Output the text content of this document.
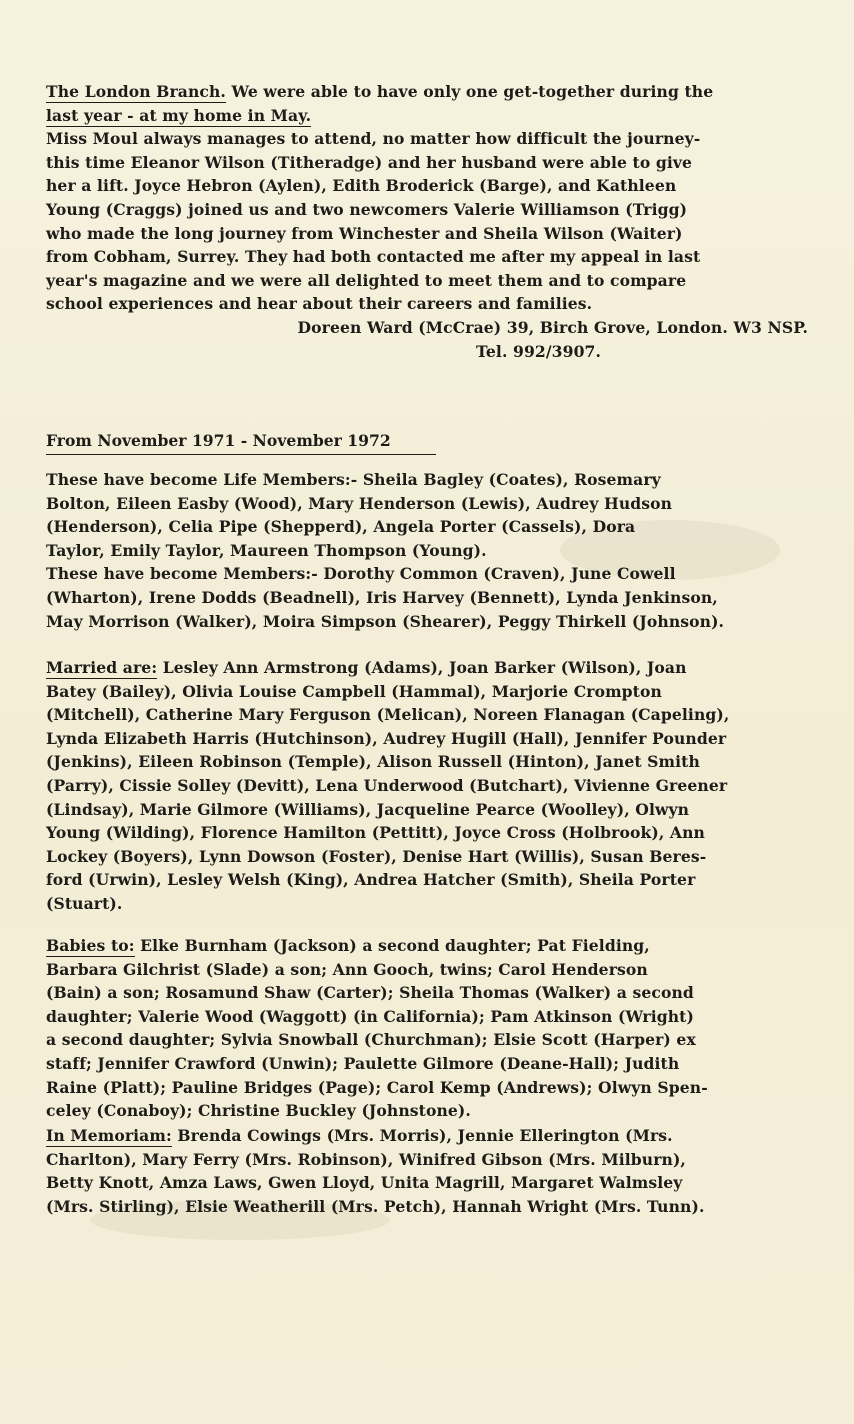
The London Branch. We were able to have only one get-together during the

last year - at my home in May.

Miss Moul always manages to attend, no matter how difficult the journey-

this time Eleanor Wilson (Titheradge) and her husband were able to give

her a lift. Joyce Hebron (Aylen), Edith Broderick (Barge), and Kathleen

Young (Craggs) joined us and two newcomers Valerie Williamson (Trigg)

who made the long journey from Winchester and Sheila Wilson (Waiter)

from Cobham, Surrey. They had both contacted me after my appeal in last

year's magazine and we were all delighted to meet them and to compare

school experiences and hear about their careers and families.

Doreen Ward (McCrae) 39, Birch Grove, London. W3 NSP.

Tel. 992/3907.

From November 1971 - November 1972

These have become Life Members:- Sheila Bagley (Coates), Rosemary

Bolton, Eileen Easby (Wood), Mary Henderson (Lewis), Audrey Hudson

(Henderson), Celia Pipe (Shepperd), Angela Porter (Cassels), Dora

Taylor, Emily Taylor, Maureen Thompson (Young).

These have become Members:- Dorothy Common (Craven), June Cowell

(Wharton), Irene Dodds (Beadnell), Iris Harvey (Bennett), Lynda Jenkinson,

May Morrison (Walker), Moira Simpson (Shearer), Peggy Thirkell (Johnson).

Married are: Lesley Ann Armstrong (Adams), Joan Barker (Wilson), Joan

Batey (Bailey), Olivia Louise Campbell (Hammal), Marjorie Crompton

(Mitchell), Catherine Mary Ferguson (Melican), Noreen Flanagan (Capeling),

Lynda Elizabeth Harris (Hutchinson), Audrey Hugill (Hall), Jennifer Pounder

(Jenkins), Eileen Robinson (Temple), Alison Russell (Hinton), Janet Smith

(Parry), Cissie Solley (Devitt), Lena Underwood (Butchart), Vivienne Greener

(Lindsay), Marie Gilmore (Williams), Jacqueline Pearce (Woolley), Olwyn

Young (Wilding), Florence Hamilton (Pettitt), Joyce Cross (Holbrook), Ann

Lockey (Boyers), Lynn Dowson (Foster), Denise Hart (Willis), Susan Beres-

ford (Urwin), Lesley Welsh (King), Andrea Hatcher (Smith), Sheila Porter

(Stuart).

Babies to: Elke Burnham (Jackson) a second daughter; Pat Fielding,

Barbara Gilchrist (Slade) a son; Ann Gooch, twins; Carol Henderson

(Bain) a son; Rosamund Shaw (Carter); Sheila Thomas (Walker) a second

daughter; Valerie Wood (Waggott) (in California); Pam Atkinson (Wright)

a second daughter; Sylvia Snowball (Churchman); Elsie Scott (Harper) ex

staff; Jennifer Crawford (Unwin); Paulette Gilmore (Deane-Hall); Judith

Raine (Platt); Pauline Bridges (Page); Carol Kemp (Andrews); Olwyn Spen-

celey (Conaboy); Christine Buckley (Johnstone).

In Memoriam: Brenda Cowings (Mrs. Morris), Jennie Ellerington (Mrs.

Charlton), Mary Ferry (Mrs. Robinson), Winifred Gibson (Mrs. Milburn),

Betty Knott, Amza Laws, Gwen Lloyd, Unita Magrill, Margaret Walmsley

(Mrs. Stirling), Elsie Weatherill (Mrs. Petch), Hannah Wright (Mrs. Tunn).
